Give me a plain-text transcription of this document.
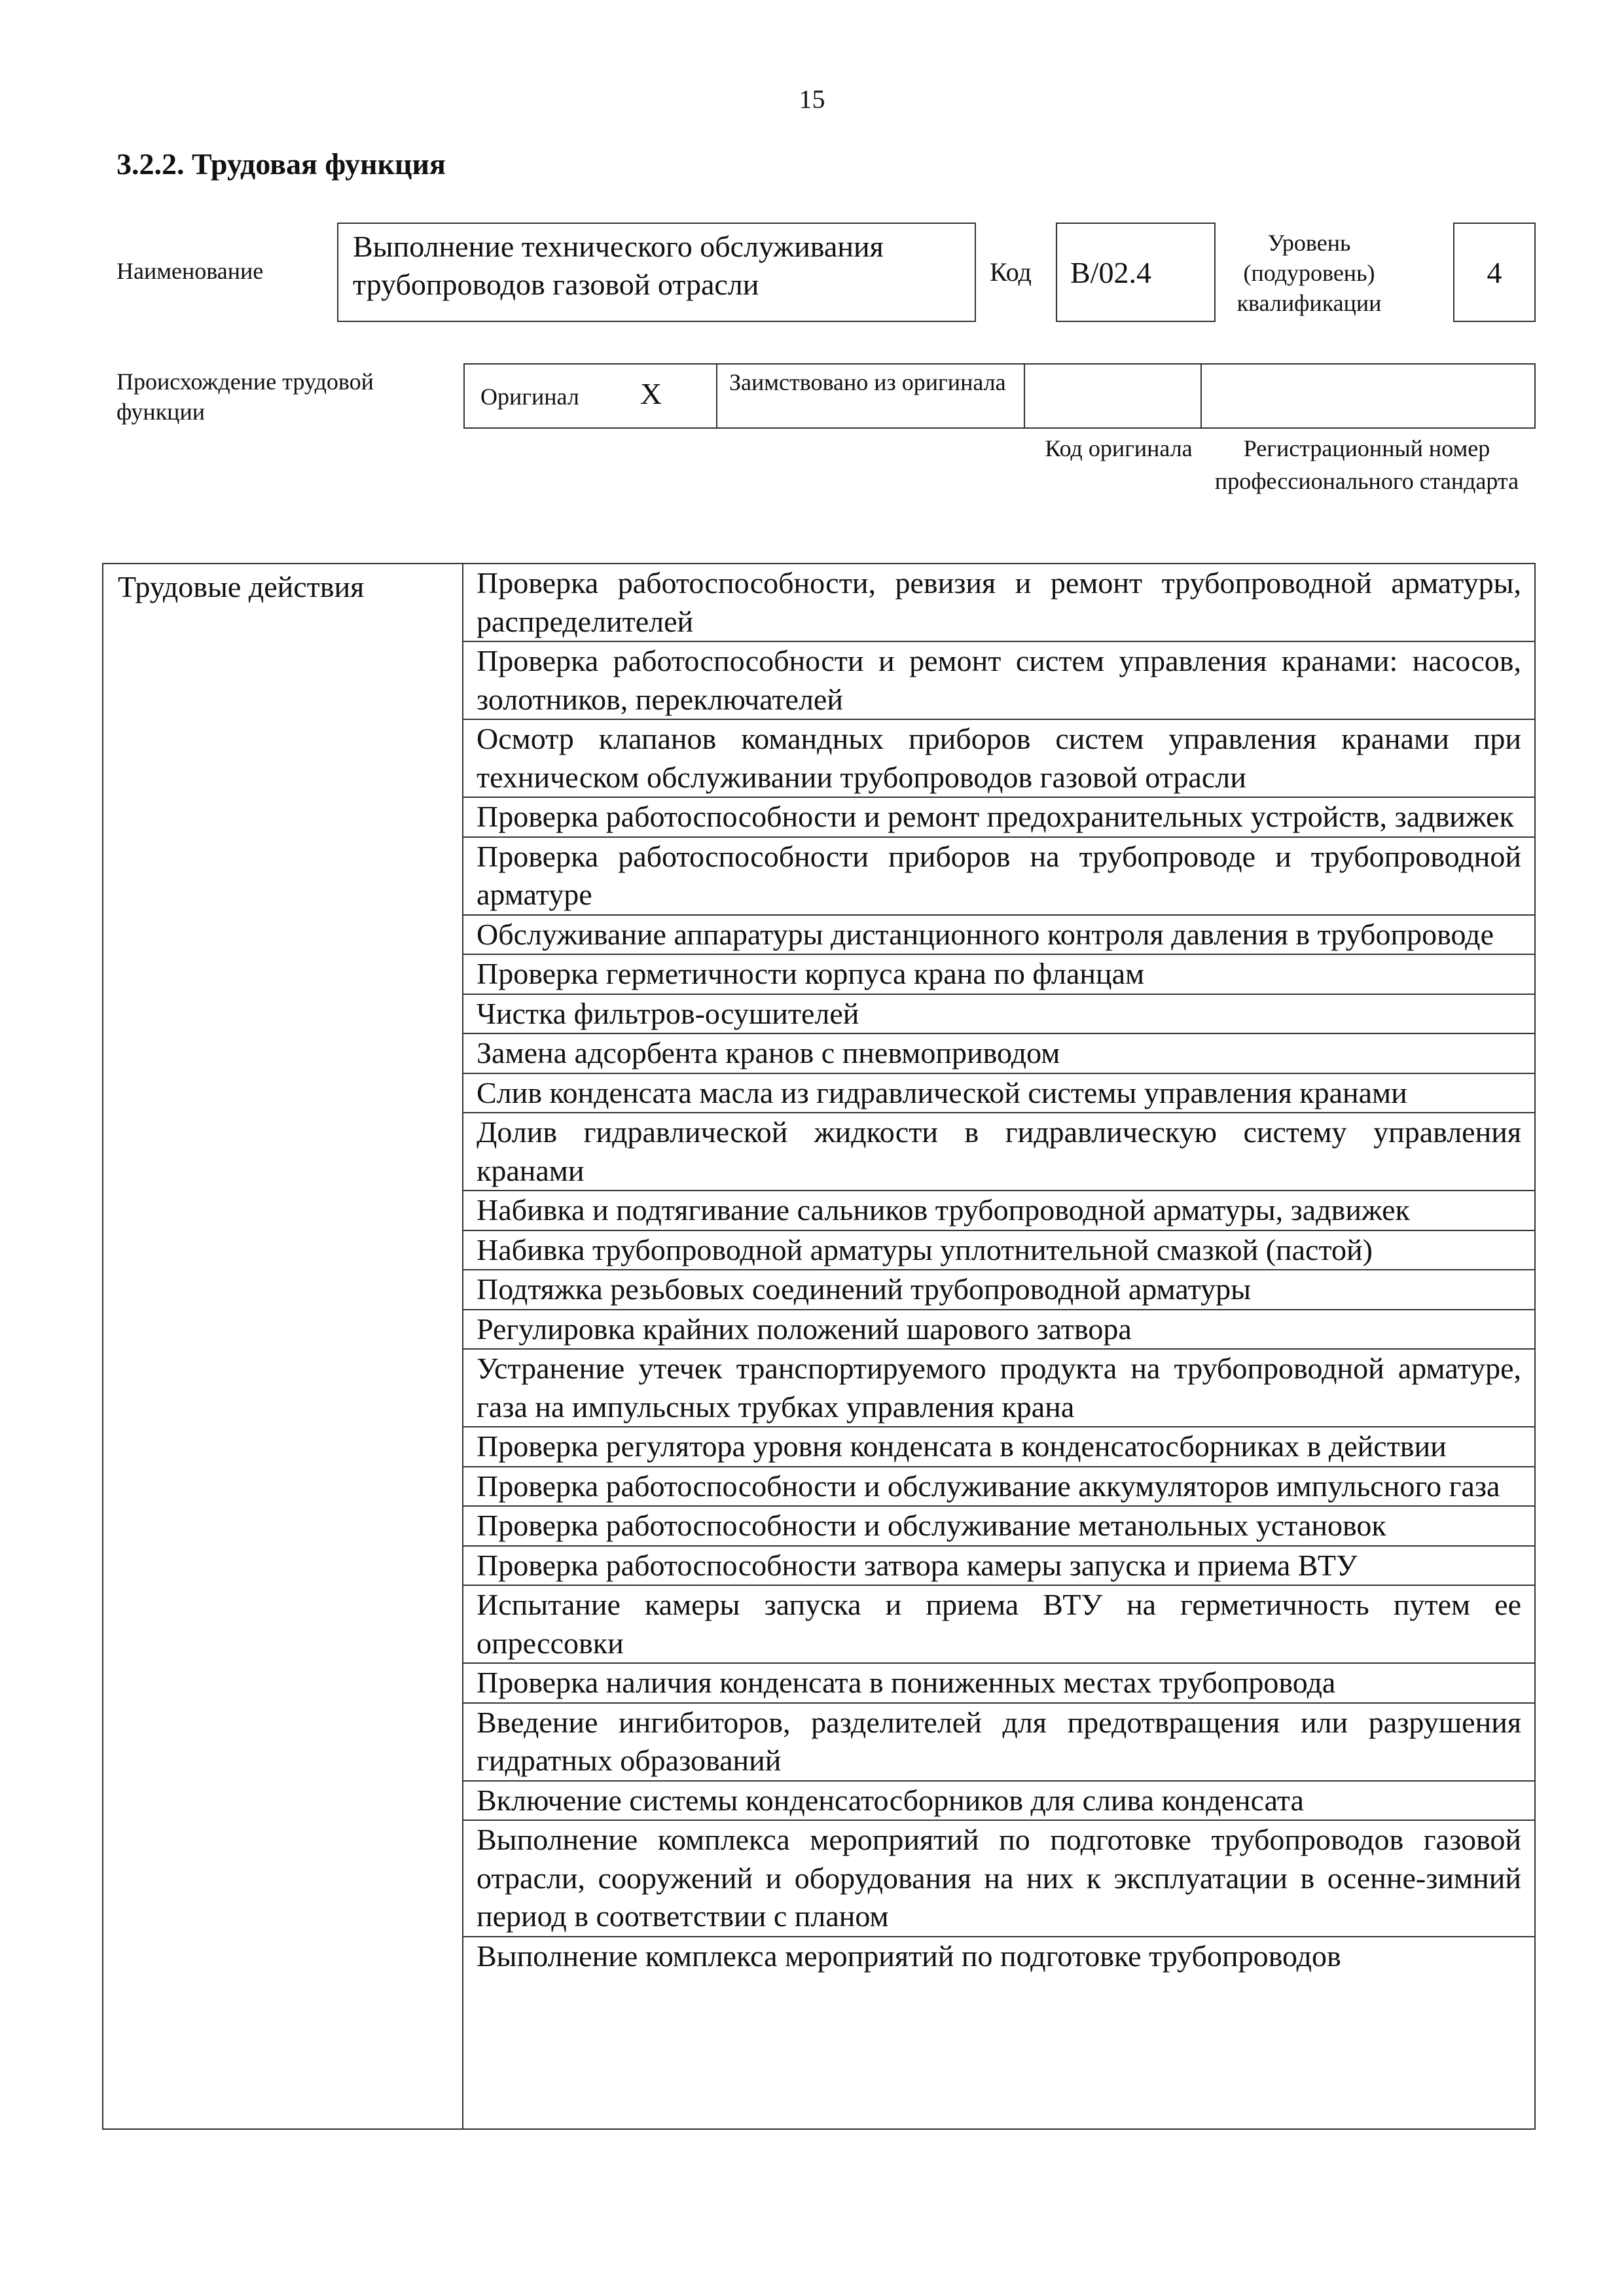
15
3.2.2. Трудовая функция
Наименование
Выполнение технического обслуживания трубопроводов газовой отрасли	Код В/02.4
Уровень (подуровень) квалификации
4
Происхождение трудовой функции
Оригинал Х	Заимствовано из оригинала
Код оригинала	Регистрационный номер профессионального стандарта
Трудовые действия	Проверка работоспособности, ревизия и ремонт трубопроводной арматуры, распределителей
Проверка работоспособности и ремонт систем управления кранами: насосов, золотников, переключателей
Осмотр клапанов командных приборов систем управления кранами при техническом обслуживании трубопроводов газовой отрасли
Проверка работоспособности и ремонт предохранительных устройств, задвижек
Проверка работоспособности приборов на трубопроводе и трубопроводной арматуре
Обслуживание аппаратуры дистанционного контроля давления в трубопроводе
Проверка герметичности корпуса крана по фланцам
Чистка фильтров-осушителей
Замена адсорбента кранов с пневмоприводом
Слив конденсата масла из гидравлической системы управления кранами
Долив гидравлической жидкости в гидравлическую систему управления кранами
Набивка и подтягивание сальников трубопроводной арматуры, задвижек
Набивка трубопроводной арматуры уплотнительной смазкой (пастой)
Подтяжка резьбовых соединений трубопроводной арматуры
Регулировка крайних положений шарового затвора
Устранение утечек транспортируемого продукта на трубопроводной арматуре, газа на импульсных трубках управления крана
Проверка регулятора уровня конденсата в конденсатосборниках в действии
Проверка работоспособности и обслуживание аккумуляторов импульсного газа
Проверка работоспособности и обслуживание метанольных установок
Проверка работоспособности затвора камеры запуска и приема ВТУ
Испытание камеры запуска и приема ВТУ на герметичность путем ее опрессовки
Проверка наличия конденсата в пониженных местах трубопровода
Введение ингибиторов, разделителей для предотвращения или разрушения гидратных образований
Включение системы конденсатосборников для слива конденсата
Выполнение комплекса мероприятий по подготовке трубопроводов газовой отрасли, сооружений и оборудования на них к эксплуатации в осенне-зимний период в соответствии с планом
Выполнение комплекса мероприятий по подготовке трубопроводов
